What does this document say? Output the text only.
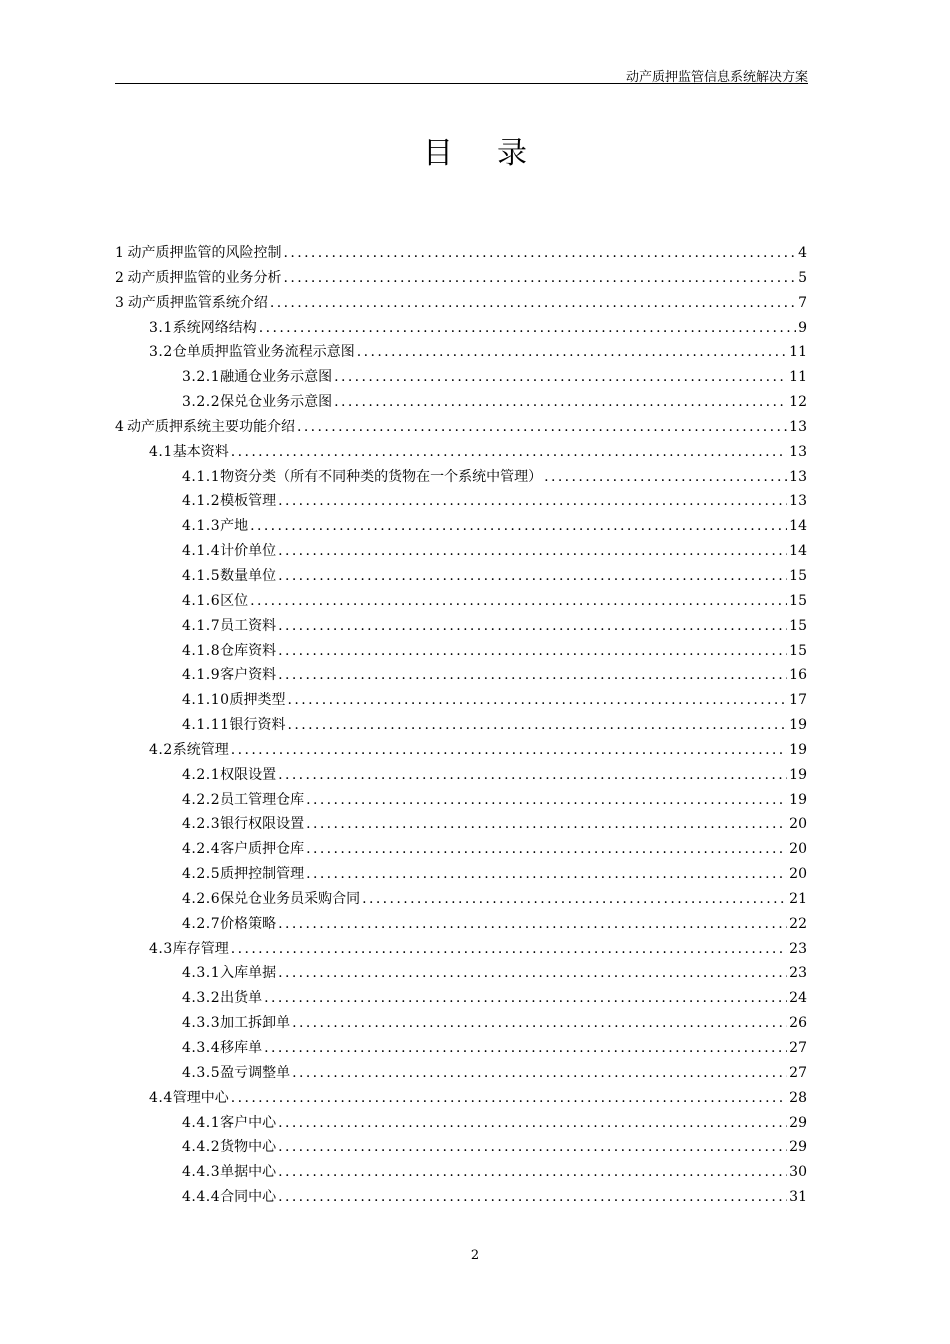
动产质押监管信息系统解决方案
目录
1 动产质押监管的风险控制 .....	4
2 动产质押监管的业务分析 .....	5
3 动产质押监管系统介绍 .....	7
3.1 系统网络结构 .....	9
3.2 仓单质押监管业务流程示意图 .....	11
3.2.1 融通仓业务示意图 .....	11
3.2.2 保兑仓业务示意图 .....	12
4 动产质押系统主要功能介绍 .....	13
4.1 基本资料 .....	13
4.1.1 物资分类（所有不同种类的货物在一个系统中管理） .....	13
4.1.2 模板管理 .....	13
4.1.3 产地 .....	14
4.1.4 计价单位 .....	14
4.1.5 数量单位 .....	15
4.1.6 区位 .....	15
4.1.7 员工资料 .....	15
4.1.8 仓库资料 .....	15
4.1.9 客户资料 .....	16
4.1.10 质押类型 .....	17
4.1.11 银行资料 .....	19
4.2 系统管理 .....	19
4.2.1 权限设置 .....	19
4.2.2 员工管理仓库 .....	19
4.2.3 银行权限设置 .....	20
4.2.4 客户质押仓库 .....	20
4.2.5 质押控制管理 .....	20
4.2.6 保兑仓业务员采购合同 .....	21
4.2.7 价格策略 .....	22
4.3 库存管理 .....	23
4.3.1 入库单据 .....	23
4.3.2 出货单 .....	24
4.3.3 加工拆卸单 .....	26
4.3.4 移库单 .....	27
4.3.5 盈亏调整单 .....	27
4.4 管理中心 .....	28
4.4.1 客户中心 .....	29
4.4.2 货物中心 .....	29
4.4.3 单据中心 .....	30
4.4.4 合同中心 .....	31
2
